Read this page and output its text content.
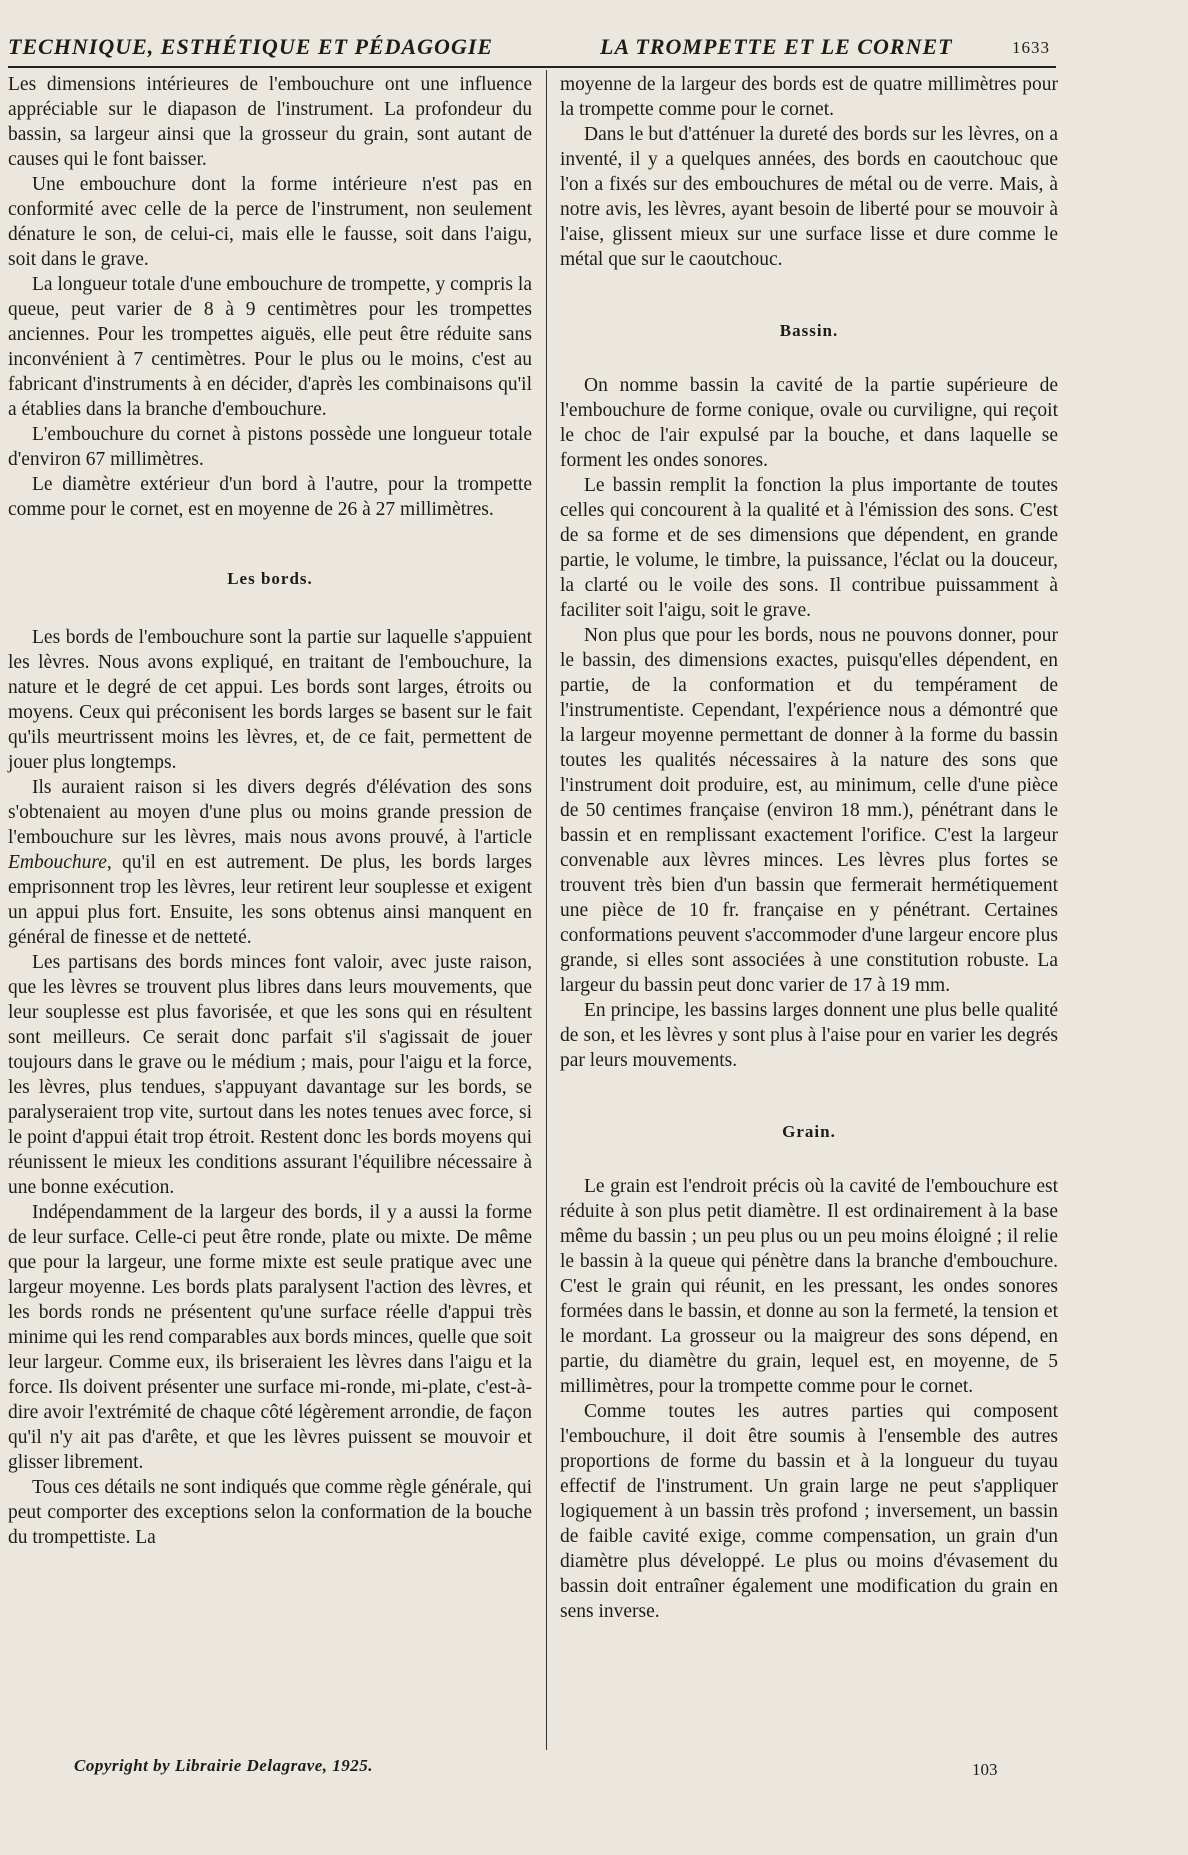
TECHNIQUE, ESTHÉTIQUE ET PÉDAGOGIE	LA TROMPETTE ET LE CORNET	1633

Les dimensions intérieures de l'embouchure ont une influence appréciable sur le diapason de l'instrument. La profondeur du bassin, sa largeur ainsi que la grosseur du grain, sont autant de causes qui le font baisser.

Une embouchure dont la forme intérieure n'est pas en conformité avec celle de la perce de l'instrument, non seulement dénature le son, de celui-ci, mais elle le fausse, soit dans l'aigu, soit dans le grave.

La longueur totale d'une embouchure de trompette, y compris la queue, peut varier de 8 à 9 centimètres pour les trompettes anciennes. Pour les trompettes aiguës, elle peut être réduite sans inconvénient à 7 centimètres. Pour le plus ou le moins, c'est au fabricant d'instruments à en décider, d'après les combinaisons qu'il a établies dans la branche d'embouchure.

L'embouchure du cornet à pistons possède une longueur totale d'environ 67 millimètres.

Le diamètre extérieur d'un bord à l'autre, pour la trompette comme pour le cornet, est en moyenne de 26 à 27 millimètres.

Les bords.

Les bords de l'embouchure sont la partie sur laquelle s'appuient les lèvres. Nous avons expliqué, en traitant de l'embouchure, la nature et le degré de cet appui. Les bords sont larges, étroits ou moyens. Ceux qui préconisent les bords larges se basent sur le fait qu'ils meurtrissent moins les lèvres, et, de ce fait, permettent de jouer plus longtemps.

Ils auraient raison si les divers degrés d'élévation des sons s'obtenaient au moyen d'une plus ou moins grande pression de l'embouchure sur les lèvres, mais nous avons prouvé, à l'article Embouchure, qu'il en est autrement. De plus, les bords larges emprisonnent trop les lèvres, leur retirent leur souplesse et exigent un appui plus fort. Ensuite, les sons obtenus ainsi manquent en général de finesse et de netteté.

Les partisans des bords minces font valoir, avec juste raison, que les lèvres se trouvent plus libres dans leurs mouvements, que leur souplesse est plus favorisée, et que les sons qui en résultent sont meilleurs. Ce serait donc parfait s'il s'agissait de jouer toujours dans le grave ou le médium ; mais, pour l'aigu et la force, les lèvres, plus tendues, s'appuyant davantage sur les bords, se paralyseraient trop vite, surtout dans les notes tenues avec force, si le point d'appui était trop étroit. Restent donc les bords moyens qui réunissent le mieux les conditions assurant l'équilibre nécessaire à une bonne exécution.

Indépendamment de la largeur des bords, il y a aussi la forme de leur surface. Celle-ci peut être ronde, plate ou mixte. De même que pour la largeur, une forme mixte est seule pratique avec une largeur moyenne. Les bords plats paralysent l'action des lèvres, et les bords ronds ne présentent qu'une surface réelle d'appui très minime qui les rend comparables aux bords minces, quelle que soit leur largeur. Comme eux, ils briseraient les lèvres dans l'aigu et la force. Ils doivent présenter une surface mi-ronde, mi-plate, c'est-à-dire avoir l'extrémité de chaque côté légèrement arrondie, de façon qu'il n'y ait pas d'arête, et que les lèvres puissent se mouvoir et glisser librement.

Tous ces détails ne sont indiqués que comme règle générale, qui peut comporter des exceptions selon la conformation de la bouche du trompettiste. La

moyenne de la largeur des bords est de quatre millimètres pour la trompette comme pour le cornet.

Dans le but d'atténuer la dureté des bords sur les lèvres, on a inventé, il y a quelques années, des bords en caoutchouc que l'on a fixés sur des embouchures de métal ou de verre. Mais, à notre avis, les lèvres, ayant besoin de liberté pour se mouvoir à l'aise, glissent mieux sur une surface lisse et dure comme le métal que sur le caoutchouc.

Bassin.

On nomme bassin la cavité de la partie supérieure de l'embouchure de forme conique, ovale ou curviligne, qui reçoit le choc de l'air expulsé par la bouche, et dans laquelle se forment les ondes sonores.

Le bassin remplit la fonction la plus importante de toutes celles qui concourent à la qualité et à l'émission des sons. C'est de sa forme et de ses dimensions que dépendent, en grande partie, le volume, le timbre, la puissance, l'éclat ou la douceur, la clarté ou le voile des sons. Il contribue puissamment à faciliter soit l'aigu, soit le grave.

Non plus que pour les bords, nous ne pouvons donner, pour le bassin, des dimensions exactes, puisqu'elles dépendent, en partie, de la conformation et du tempérament de l'instrumentiste. Cependant, l'expérience nous a démontré que la largeur moyenne permettant de donner à la forme du bassin toutes les qualités nécessaires à la nature des sons que l'instrument doit produire, est, au minimum, celle d'une pièce de 50 centimes française (environ 18 mm.), pénétrant dans le bassin et en remplissant exactement l'orifice. C'est la largeur convenable aux lèvres minces. Les lèvres plus fortes se trouvent très bien d'un bassin que fermerait hermétiquement une pièce de 10 fr. française en y pénétrant. Certaines conformations peuvent s'accommoder d'une largeur encore plus grande, si elles sont associées à une constitution robuste. La largeur du bassin peut donc varier de 17 à 19 mm.

En principe, les bassins larges donnent une plus belle qualité de son, et les lèvres y sont plus à l'aise pour en varier les degrés par leurs mouvements.

Grain.

Le grain est l'endroit précis où la cavité de l'embouchure est réduite à son plus petit diamètre. Il est ordinairement à la base même du bassin ; un peu plus ou un peu moins éloigné ; il relie le bassin à la queue qui pénètre dans la branche d'embouchure. C'est le grain qui réunit, en les pressant, les ondes sonores formées dans le bassin, et donne au son la fermeté, la tension et le mordant. La grosseur ou la maigreur des sons dépend, en partie, du diamètre du grain, lequel est, en moyenne, de 5 millimètres, pour la trompette comme pour le cornet.

Comme toutes les autres parties qui composent l'embouchure, il doit être soumis à l'ensemble des autres proportions de forme du bassin et à la longueur du tuyau effectif de l'instrument. Un grain large ne peut s'appliquer logiquement à un bassin très profond ; inversement, un bassin de faible cavité exige, comme compensation, un grain d'un diamètre plus développé. Le plus ou moins d'évasement du bassin doit entraîner également une modification du grain en sens inverse.

Copyright by Librairie Delagrave, 1925.	103
